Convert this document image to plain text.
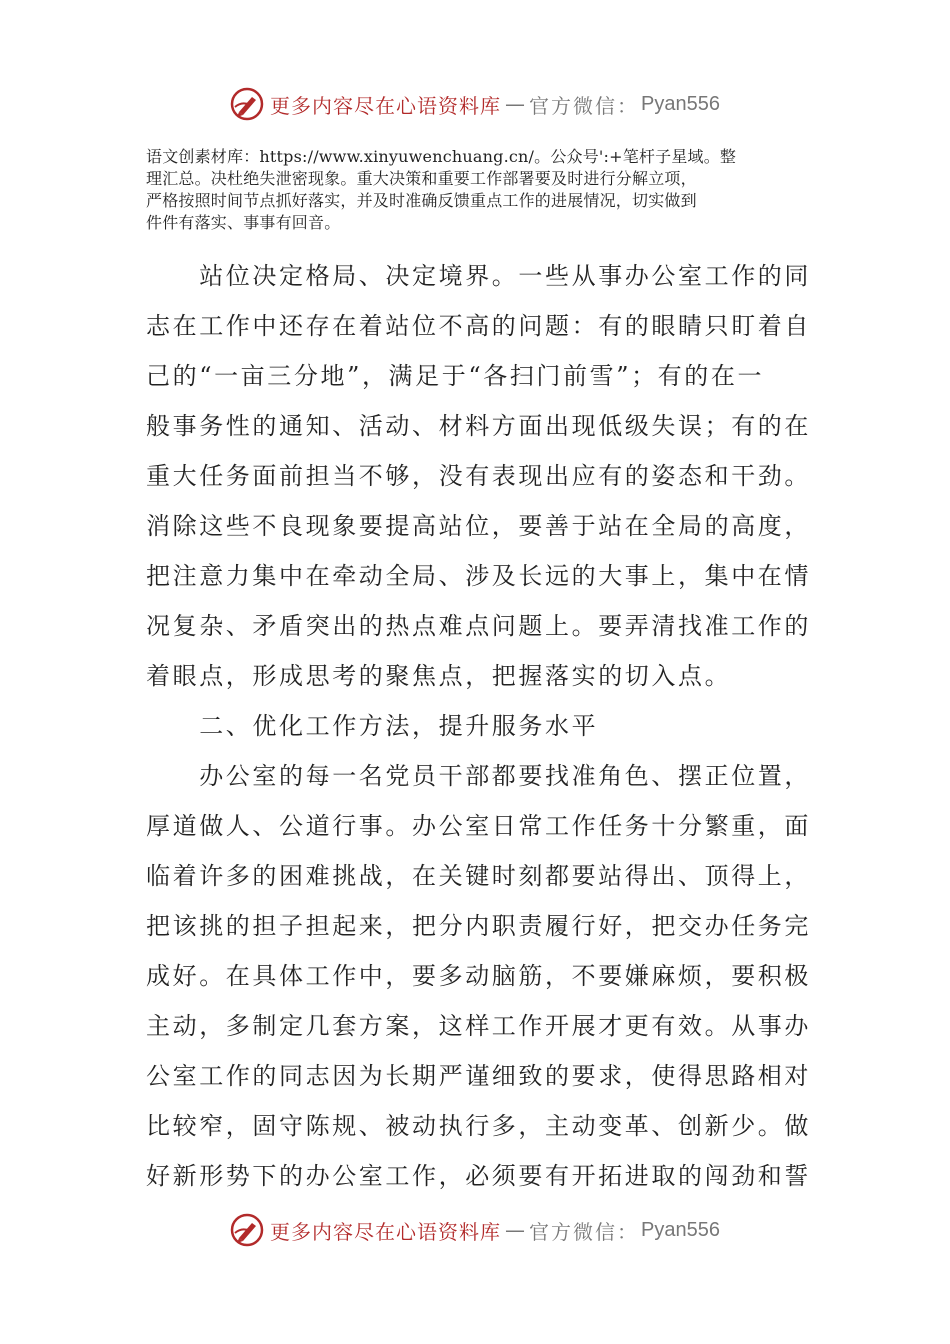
更多内容尽在心语资料库 — 官方微信： Pyan556
语文创素材库：https://www.xinyuwenchuang.cn/。公众号':+笔杆子星域。整
理汇总。决杜绝失泄密现象。重大决策和重要工作部署要及时进行分解立项，
严格按照时间节点抓好落实，并及时准确反馈重点工作的进展情况，切实做到
件件有落实、事事有回音。
　　站位决定格局、决定境界。一些从事办公室工作的同
志在工作中还存在着站位不高的问题：有的眼睛只盯着自
己的“一亩三分地”，满足于“各扫门前雪”；有的在一
般事务性的通知、活动、材料方面出现低级失误；有的在
重大任务面前担当不够，没有表现出应有的姿态和干劲。
消除这些不良现象要提高站位，要善于站在全局的高度，
把注意力集中在牵动全局、涉及长远的大事上，集中在情
况复杂、矛盾突出的热点难点问题上。要弄清找准工作的
着眼点，形成思考的聚焦点，把握落实的切入点。
　　二、优化工作方法，提升服务水平
　　办公室的每一名党员干部都要找准角色、摆正位置，
厚道做人、公道行事。办公室日常工作任务十分繁重，面
临着许多的困难挑战，在关键时刻都要站得出、顶得上，
把该挑的担子担起来，把分内职责履行好，把交办任务完
成好。在具体工作中，要多动脑筋，不要嫌麻烦，要积极
主动，多制定几套方案，这样工作开展才更有效。从事办
公室工作的同志因为长期严谨细致的要求，使得思路相对
比较窄，固守陈规、被动执行多，主动变革、创新少。做
好新形势下的办公室工作，必须要有开拓进取的闯劲和誓
更多内容尽在心语资料库 — 官方微信： Pyan556
